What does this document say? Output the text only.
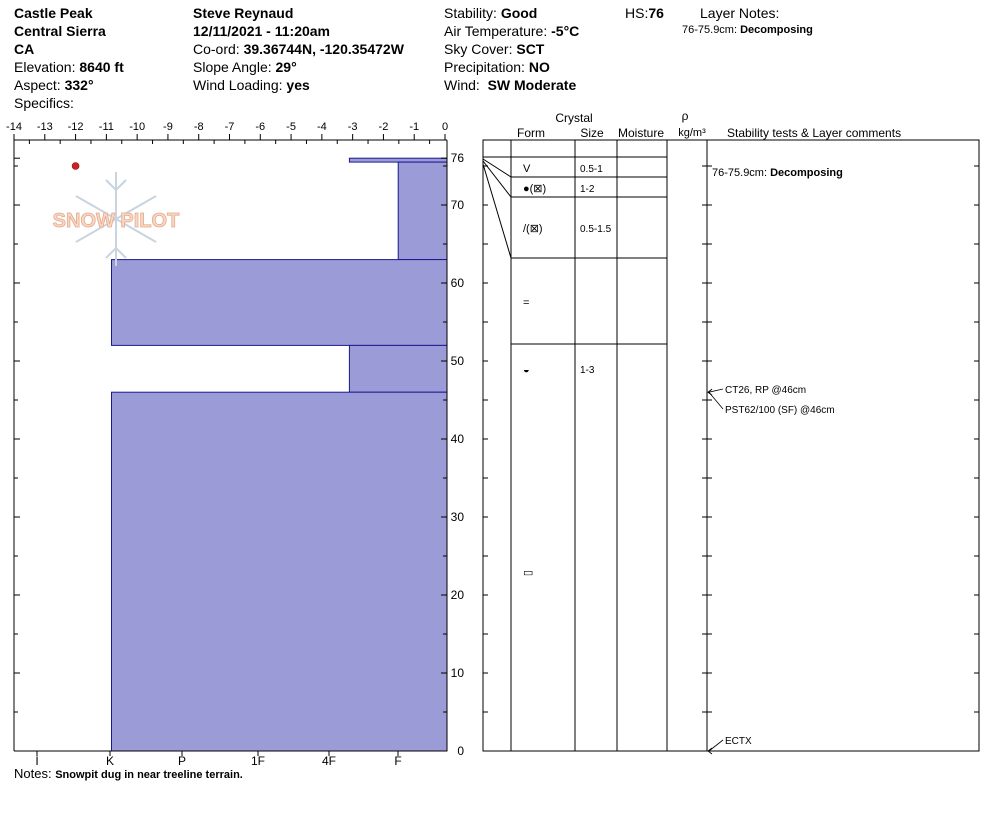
Castle Peak
Central Sierra
CA
Elevation: 8640 ft
Aspect: 332°
Specifics:
Steve Reynaud
12/11/2021 - 11:20am
Co-ord: 39.36744N, -120.35472W
Slope Angle: 29°
Wind Loading: yes
Stability: Good
Air Temperature: -5°C
Sky Cover: SCT
Precipitation: NO
Wind: SW Moderate
HS:76	Layer Notes:
76-75.9cm: Decomposing
SNOW PILOT
-14 -13 -12 -11 -10 -9 -8 -7 -6 -5 -4 -3 -2 -1 0
76
70
60
50
40
30
20
10
0
I	K	P	1F	4F	F
Crystal
Form	Size Moisture
ρ
kg/m³ Stability tests & Layer comments
V	0.5-1
●(⊠)	1-2
/(⊠)	0.5-1.5
=
◒	1-3
▭
CT26, RP @46cm
PST62/100 (SF) @46cm
ECTX
76-75.9cm: Decomposing
Notes: Snowpit dug in near treeline terrain.
